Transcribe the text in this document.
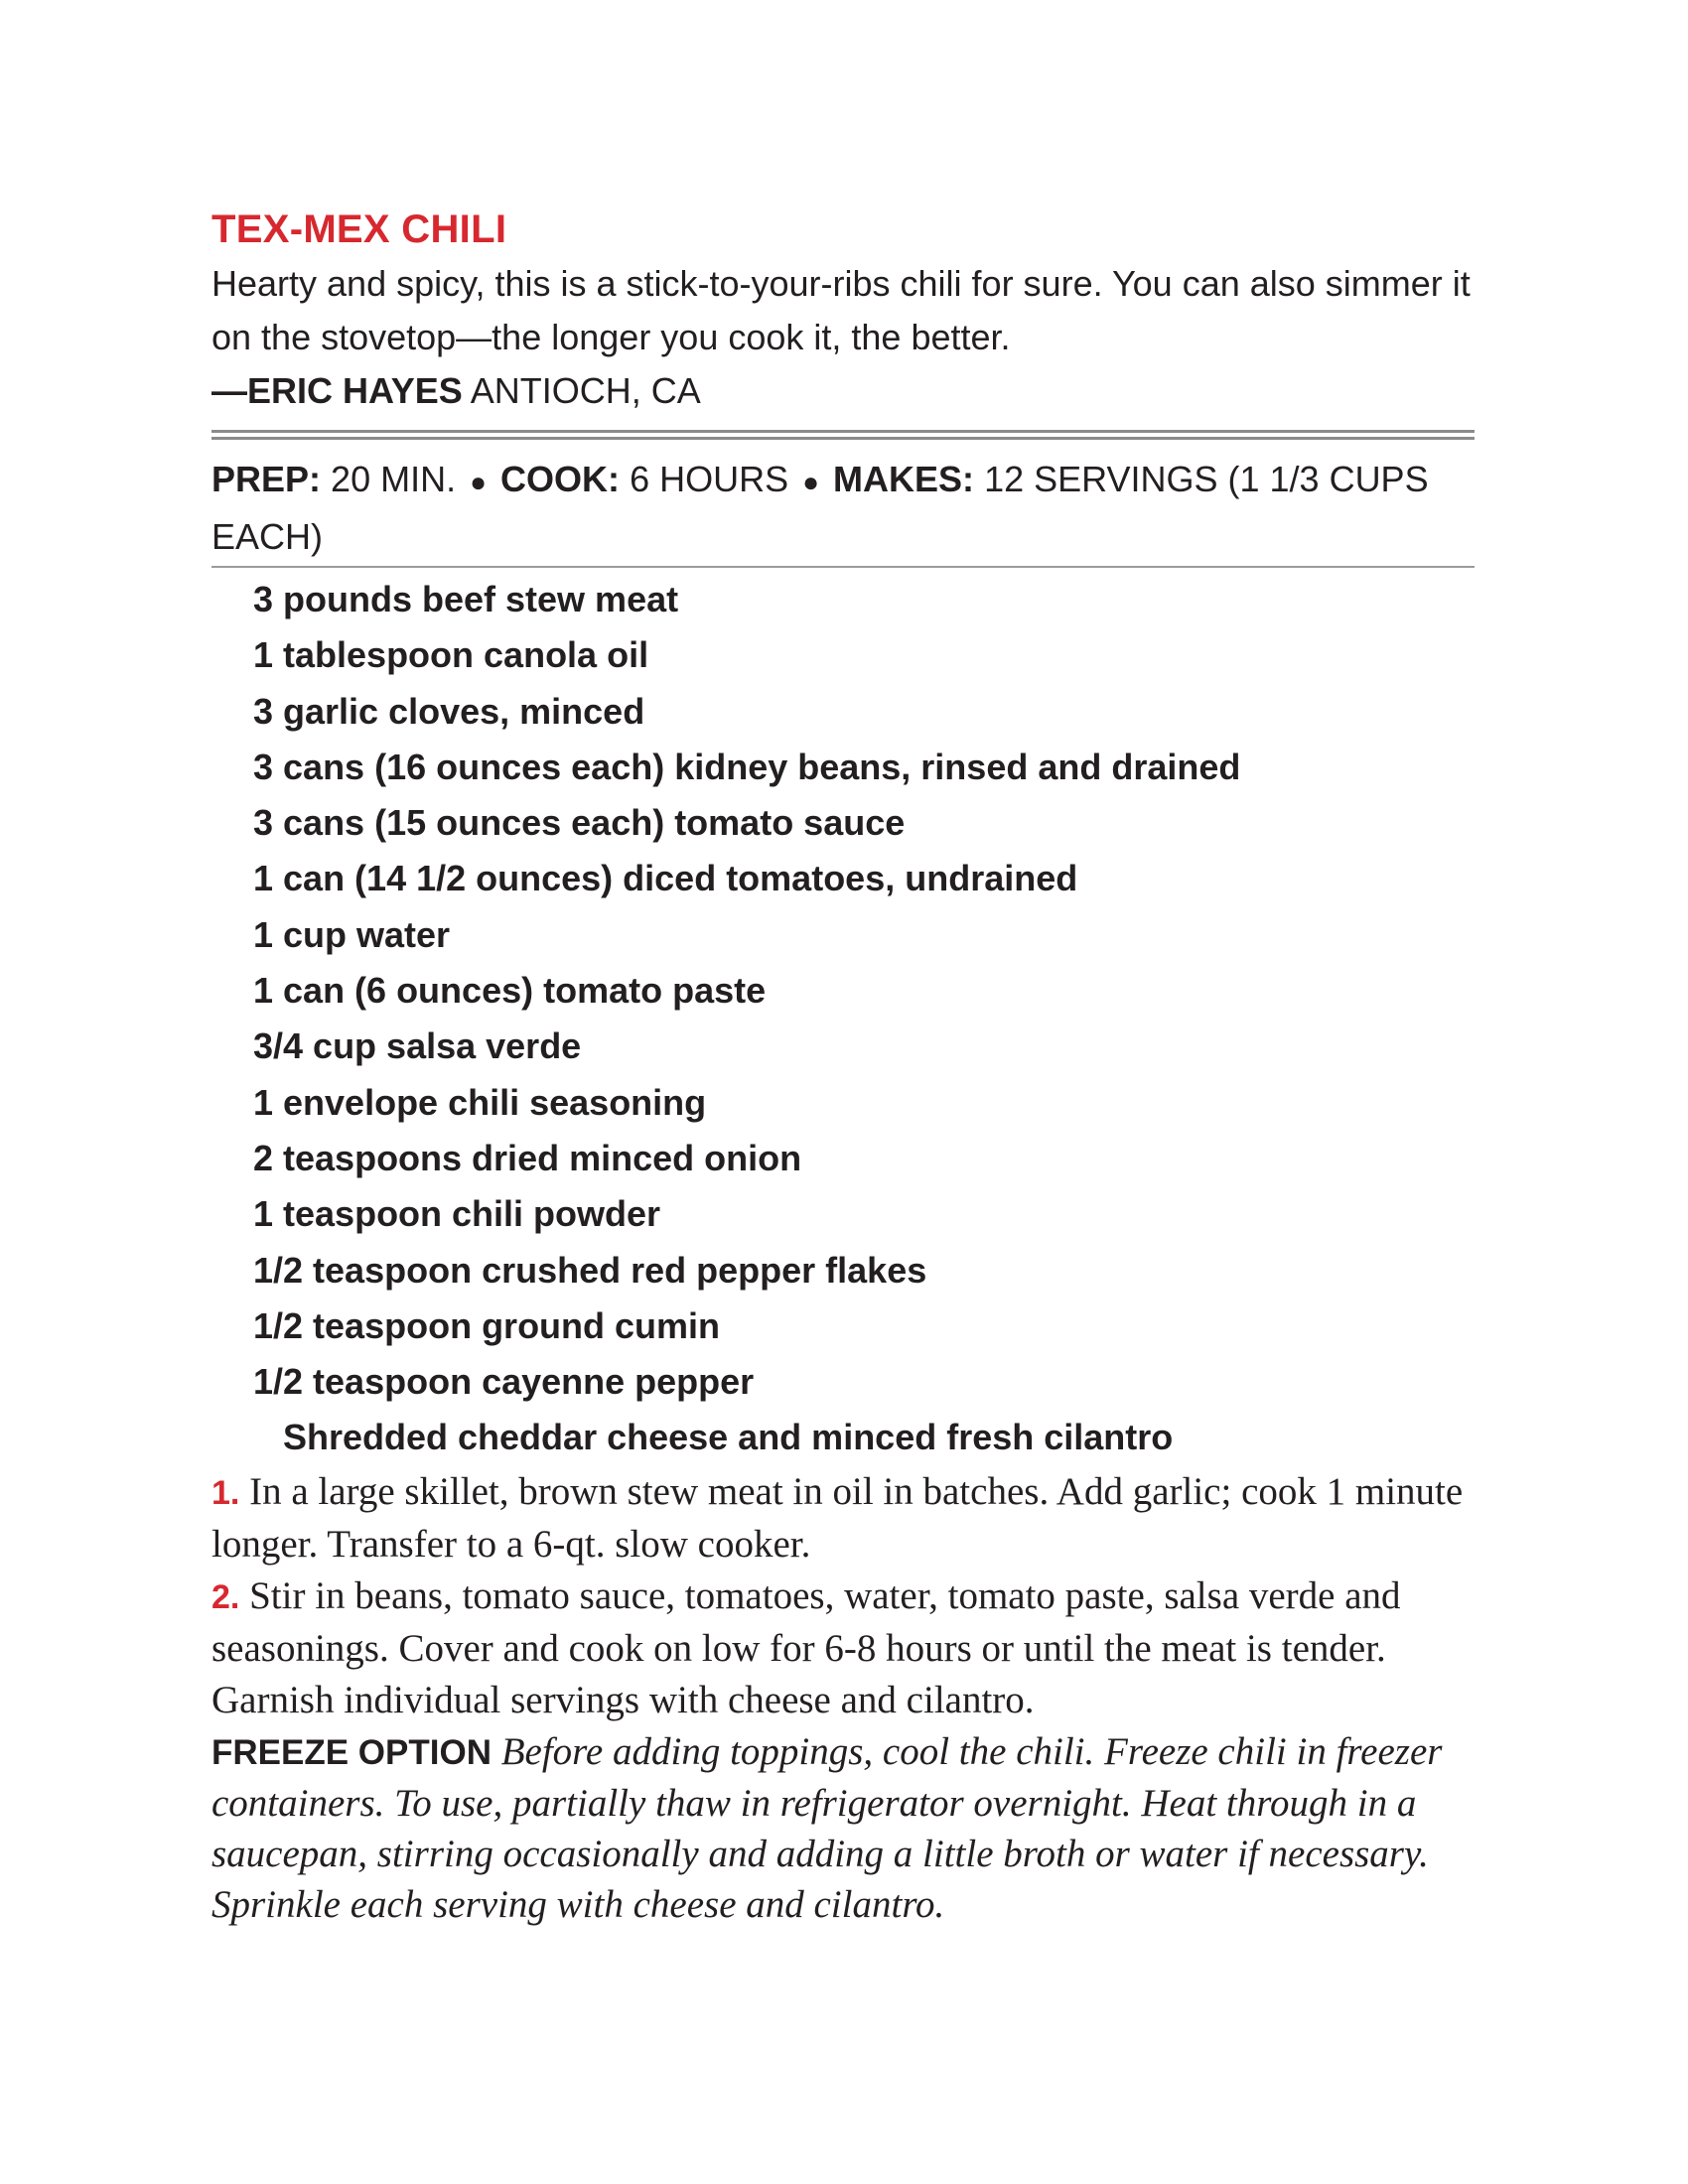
TEX-MEX CHILI

Hearty and spicy, this is a stick-to-your-ribs chili for sure. You can also simmer it on the stovetop—the longer you cook it, the better.

—ERIC HAYES ANTIOCH, CA
PREP: 20 MIN. ● COOK: 6 HOURS ● MAKES: 12 SERVINGS (1 1/3 CUPS EACH)
3 pounds beef stew meat
1 tablespoon canola oil
3 garlic cloves, minced
3 cans (16 ounces each) kidney beans, rinsed and drained
3 cans (15 ounces each) tomato sauce
1 can (14 1/2 ounces) diced tomatoes, undrained
1 cup water
1 can (6 ounces) tomato paste
3/4 cup salsa verde
1 envelope chili seasoning
2 teaspoons dried minced onion
1 teaspoon chili powder
1/2 teaspoon crushed red pepper flakes
1/2 teaspoon ground cumin
1/2 teaspoon cayenne pepper
Shredded cheddar cheese and minced fresh cilantro

1. In a large skillet, brown stew meat in oil in batches. Add garlic; cook 1 minute longer. Transfer to a 6-qt. slow cooker.

2. Stir in beans, tomato sauce, tomatoes, water, tomato paste, salsa verde and seasonings. Cover and cook on low for 6-8 hours or until the meat is tender. Garnish individual servings with cheese and cilantro.

FREEZE OPTION Before adding toppings, cool the chili. Freeze chili in freezer containers. To use, partially thaw in refrigerator overnight. Heat through in a saucepan, stirring occasionally and adding a little broth or water if necessary. Sprinkle each serving with cheese and cilantro.
